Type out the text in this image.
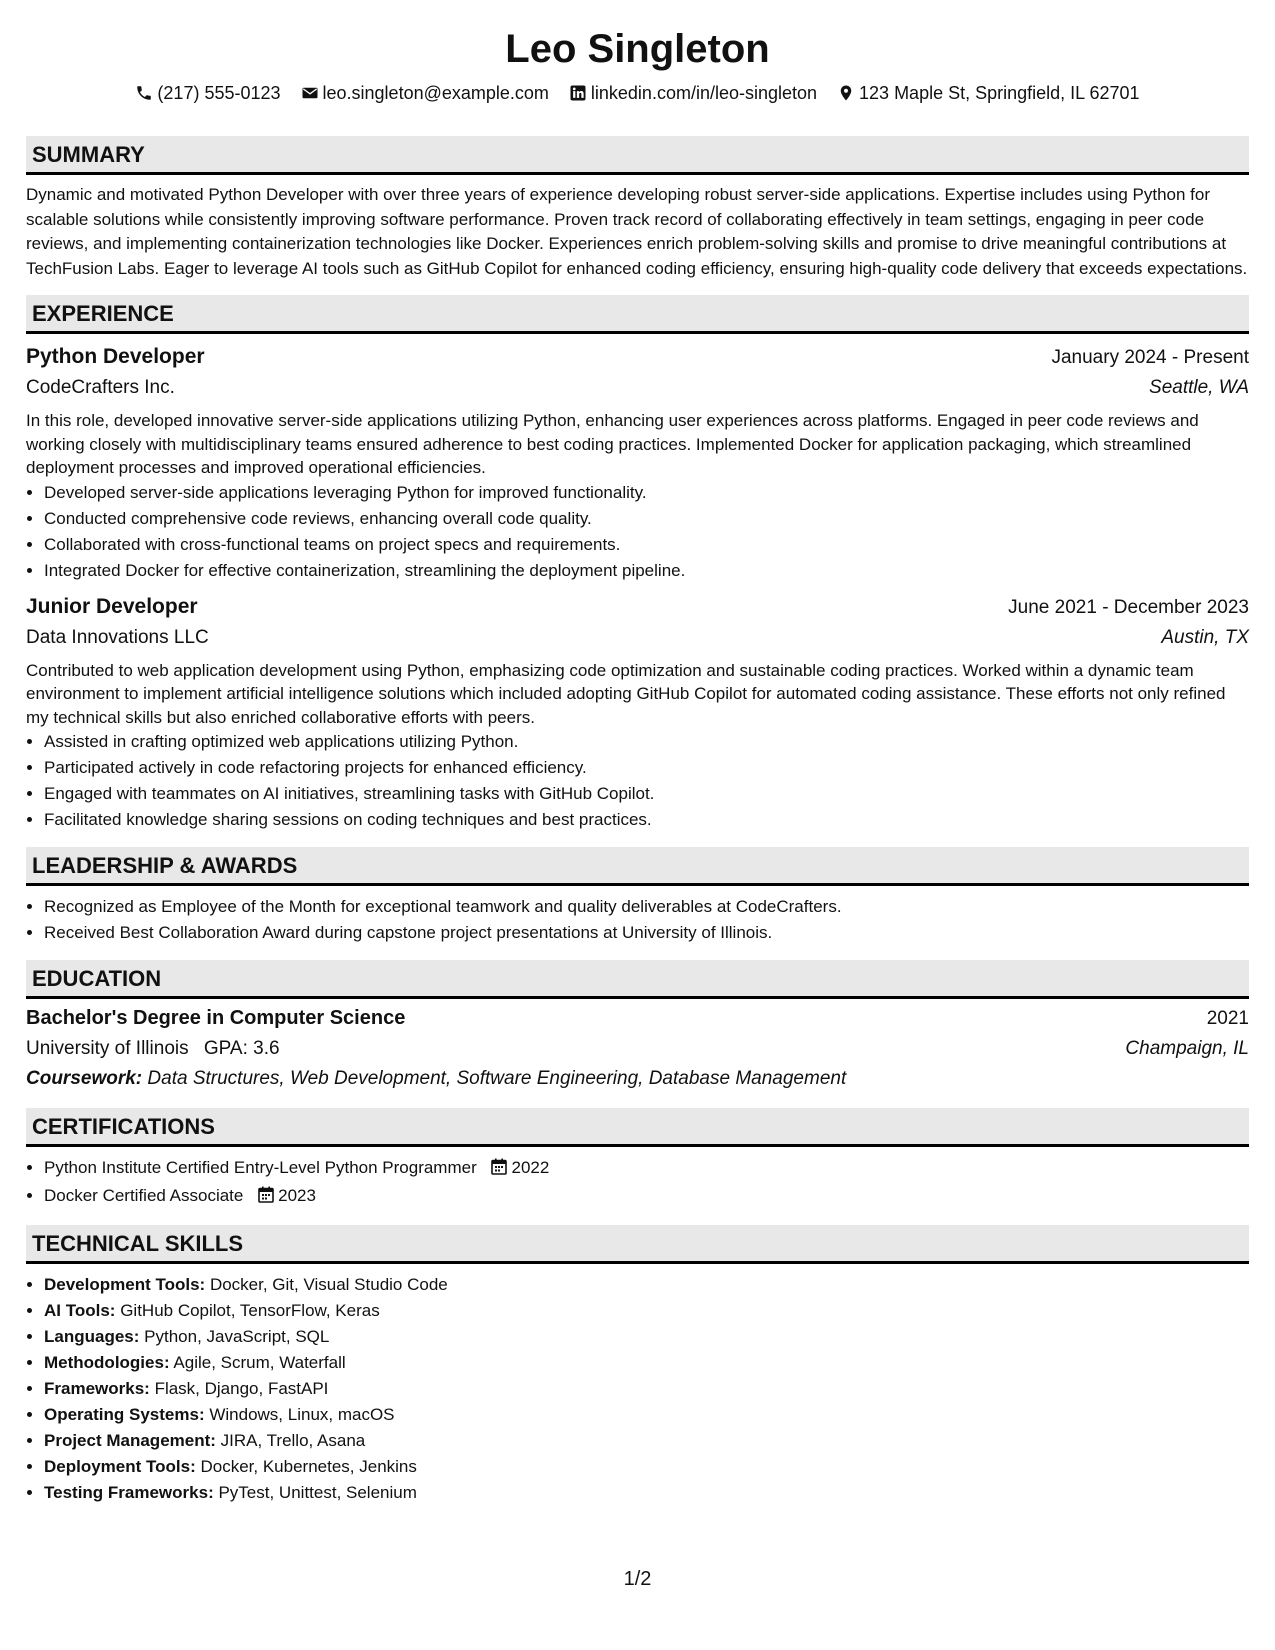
Leo Singleton
(217) 555-0123 leo.singleton@example.com linkedin.com/in/leo-singleton 123 Maple St, Springfield, IL 62701
SUMMARY
Dynamic and motivated Python Developer with over three years of experience developing robust server-side applications. Expertise includes using Python for scalable solutions while consistently improving software performance. Proven track record of collaborating effectively in team settings, engaging in peer code reviews, and implementing containerization technologies like Docker. Experiences enrich problem-solving skills and promise to drive meaningful contributions at TechFusion Labs. Eager to leverage AI tools such as GitHub Copilot for enhanced coding efficiency, ensuring high-quality code delivery that exceeds expectations.
EXPERIENCE
Python Developer	January 2024 - Present
CodeCrafters Inc.	Seattle, WA
In this role, developed innovative server-side applications utilizing Python, enhancing user experiences across platforms. Engaged in peer code reviews and working closely with multidisciplinary teams ensured adherence to best coding practices. Implemented Docker for application packaging, which streamlined deployment processes and improved operational efficiencies.
• Developed server-side applications leveraging Python for improved functionality.
• Conducted comprehensive code reviews, enhancing overall code quality.
• Collaborated with cross-functional teams on project specs and requirements.
• Integrated Docker for effective containerization, streamlining the deployment pipeline.
Junior Developer	June 2021 - December 2023
Data Innovations LLC	Austin, TX
Contributed to web application development using Python, emphasizing code optimization and sustainable coding practices. Worked within a dynamic team environment to implement artificial intelligence solutions which included adopting GitHub Copilot for automated coding assistance. These efforts not only refined my technical skills but also enriched collaborative efforts with peers.
• Assisted in crafting optimized web applications utilizing Python.
• Participated actively in code refactoring projects for enhanced efficiency.
• Engaged with teammates on AI initiatives, streamlining tasks with GitHub Copilot.
• Facilitated knowledge sharing sessions on coding techniques and best practices.
LEADERSHIP & AWARDS
• Recognized as Employee of the Month for exceptional teamwork and quality deliverables at CodeCrafters.
• Received Best Collaboration Award during capstone project presentations at University of Illinois.
EDUCATION
Bachelor's Degree in Computer Science	2021
University of Illinois GPA: 3.6	Champaign, IL
Coursework: Data Structures, Web Development, Software Engineering, Database Management
CERTIFICATIONS
• Python Institute Certified Entry-Level Python Programmer 2022
• Docker Certified Associate 2023
TECHNICAL SKILLS
• Development Tools: Docker, Git, Visual Studio Code
• AI Tools: GitHub Copilot, TensorFlow, Keras
• Languages: Python, JavaScript, SQL
• Methodologies: Agile, Scrum, Waterfall
• Frameworks: Flask, Django, FastAPI
• Operating Systems: Windows, Linux, macOS
• Project Management: JIRA, Trello, Asana
• Deployment Tools: Docker, Kubernetes, Jenkins
• Testing Frameworks: PyTest, Unittest, Selenium
1/2
